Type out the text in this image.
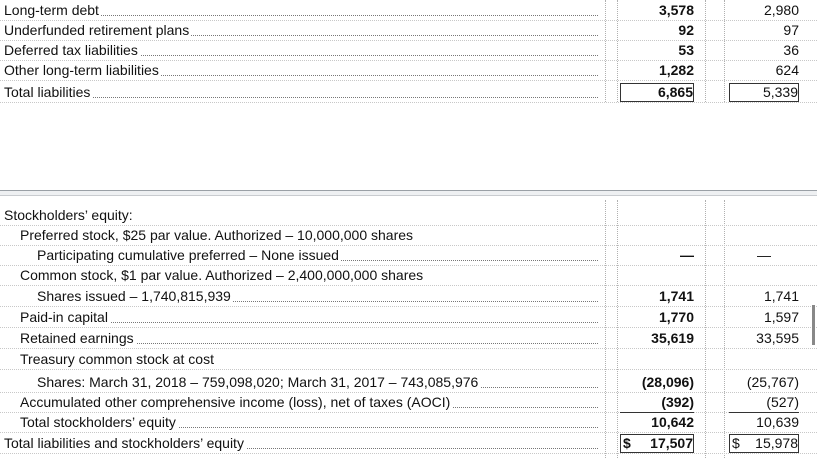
Long-term debt	3,578	2,980
Underfunded retirement plans	92	97
Deferred tax liabilities	53	36
Other long-term liabilities	1,282	624
Total liabilities	6,865	5,339
Stockholders’ equity:
Preferred stock, $25 par value. Authorized – 10,000,000 shares
Participating cumulative preferred – None issued	—	—
Common stock, $1 par value. Authorized – 2,400,000,000 shares
Shares issued – 1,740,815,939	1,741	1,741
Paid-in capital	1,770	1,597
Retained earnings	35,619	33,595
Treasury common stock at cost
Shares: March 31, 2018 – 759,098,020; March 31, 2017 – 743,085,976	(28,096)	(25,767)
Accumulated other comprehensive income (loss), net of taxes (AOCI)	(392)	(527)
Total stockholders’ equity	10,642	10,639
Total liabilities and stockholders’ equity	$ 17,507	$ 15,978
